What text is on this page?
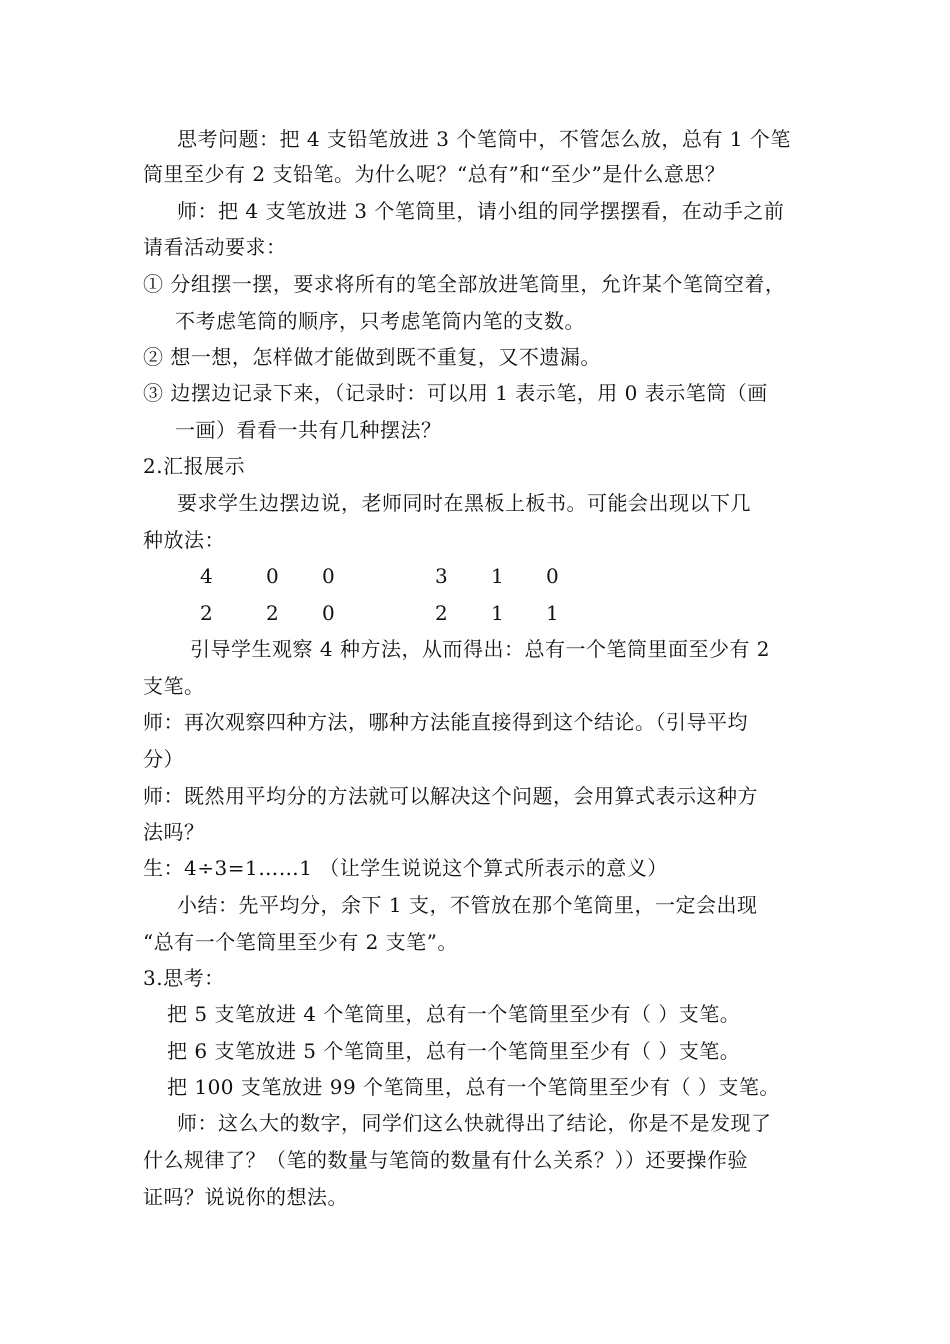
思考问题：把 4 支铅笔放进 3 个笔筒中，不管怎么放，总有 1 个笔
筒里至少有 2 支铅笔。为什么呢？“总有”和“至少”是什么意思？
师：把 4 支笔放进 3 个笔筒里，请小组的同学摆摆看，在动手之前
请看活动要求：
① 分组摆一摆，要求将所有的笔全部放进笔筒里，允许某个笔筒空着，
不考虑笔筒的顺序，只考虑笔筒内笔的支数。
② 想一想，怎样做才能做到既不重复，又不遗漏。
③ 边摆边记录下来，（记录时：可以用 1 表示笔，用 0 表示笔筒（画
一画）看看一共有几种摆法？
2.汇报展示
要求学生边摆边说，老师同时在黑板上板书。可能会出现以下几
种放法：
4	0 0	3 1 0
2	2 0	2 1 1
引导学生观察 4 种方法，从而得出：总有一个笔筒里面至少有 2
支笔。
师：再次观察四种方法，哪种方法能直接得到这个结论。（引导平均
分）
师：既然用平均分的方法就可以解决这个问题，会用算式表示这种方
法吗？
生：4÷3=1……1 （让学生说说这个算式所表示的意义）
小结：先平均分，余下 1 支，不管放在那个笔筒里，一定会出现
“总有一个笔筒里至少有 2 支笔”。
3.思考：
把 5 支笔放进 4 个笔筒里，总有一个笔筒里至少有（ ）支笔。
把 6 支笔放进 5 个笔筒里，总有一个笔筒里至少有（ ）支笔。
把 100 支笔放进 99 个笔筒里，总有一个笔筒里至少有（ ）支笔。
师：这么大的数字，同学们这么快就得出了结论，你是不是发现了
什么规律了？（笔的数量与笔筒的数量有什么关系？））还要操作验
证吗？说说你的想法。
